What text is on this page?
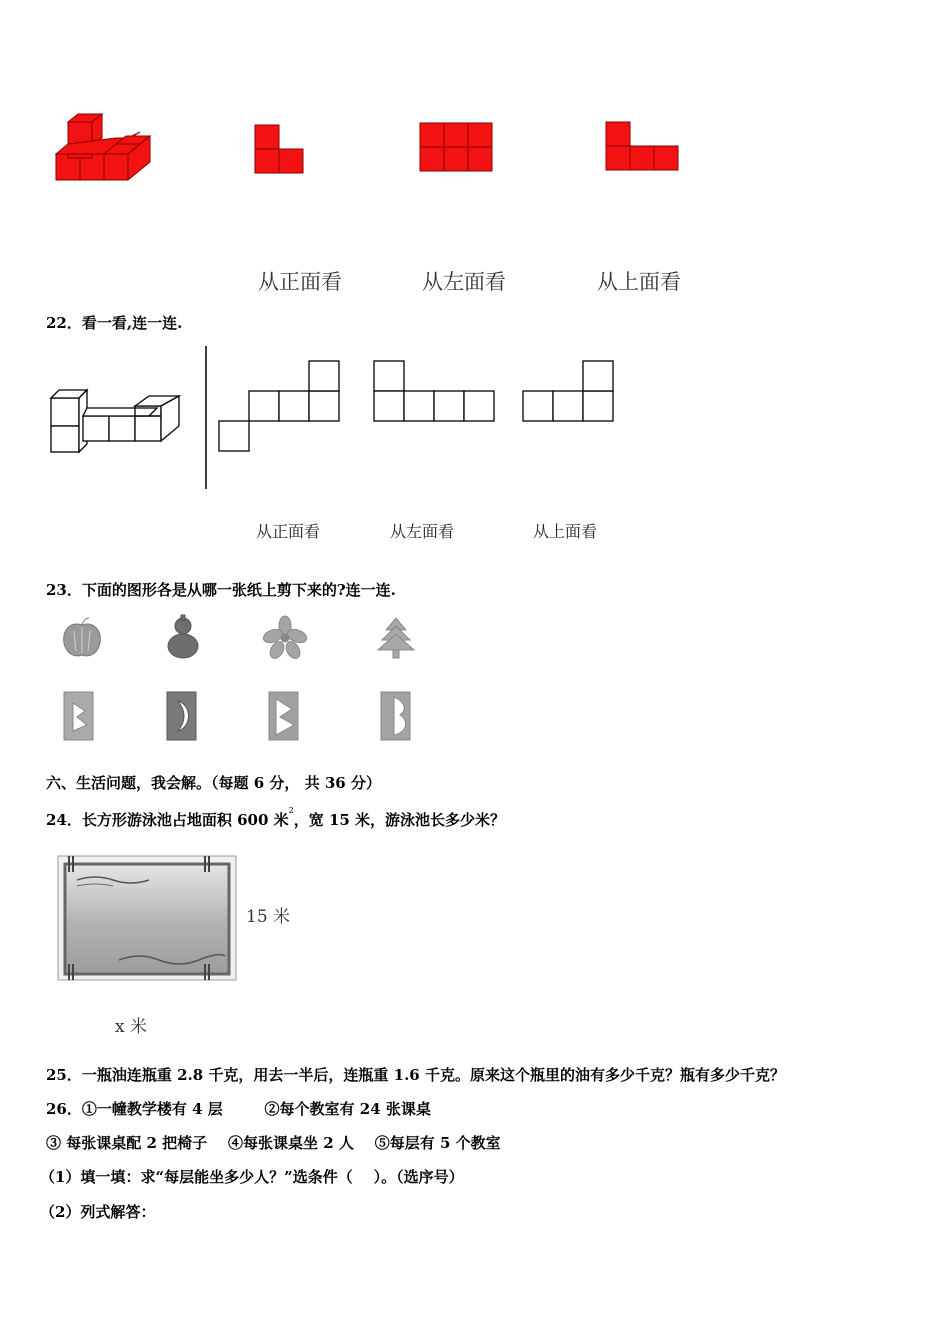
从正面看	从左面看	从上面看
22．看一看,连一连.
从正面看	从左面看	从上面看
23．下面的图形各是从哪一张纸上剪下来的?连一连.
六、生活问题，我会解。（每题 6 分， 共 36 分）
24．长方形游泳池占地面积 600 米$^2$，宽 15 米，游泳池长多少米？
15 米
x 米
25．一瓶油连瓶重 2.8 千克，用去一半后，连瓶重 1.6 千克。原来这个瓶里的油有多少千克？瓶有多少千克？
26．①一幢教学楼有 4 层        ②每个教室有 24 张课桌
③ 每张课桌配 2 把椅子    ④每张课桌坐 2 人    ⑤每层有 5 个教室
（1）填一填：求“每层能坐多少人？”选条件（    ）。（选序号）
（2）列式解答：
